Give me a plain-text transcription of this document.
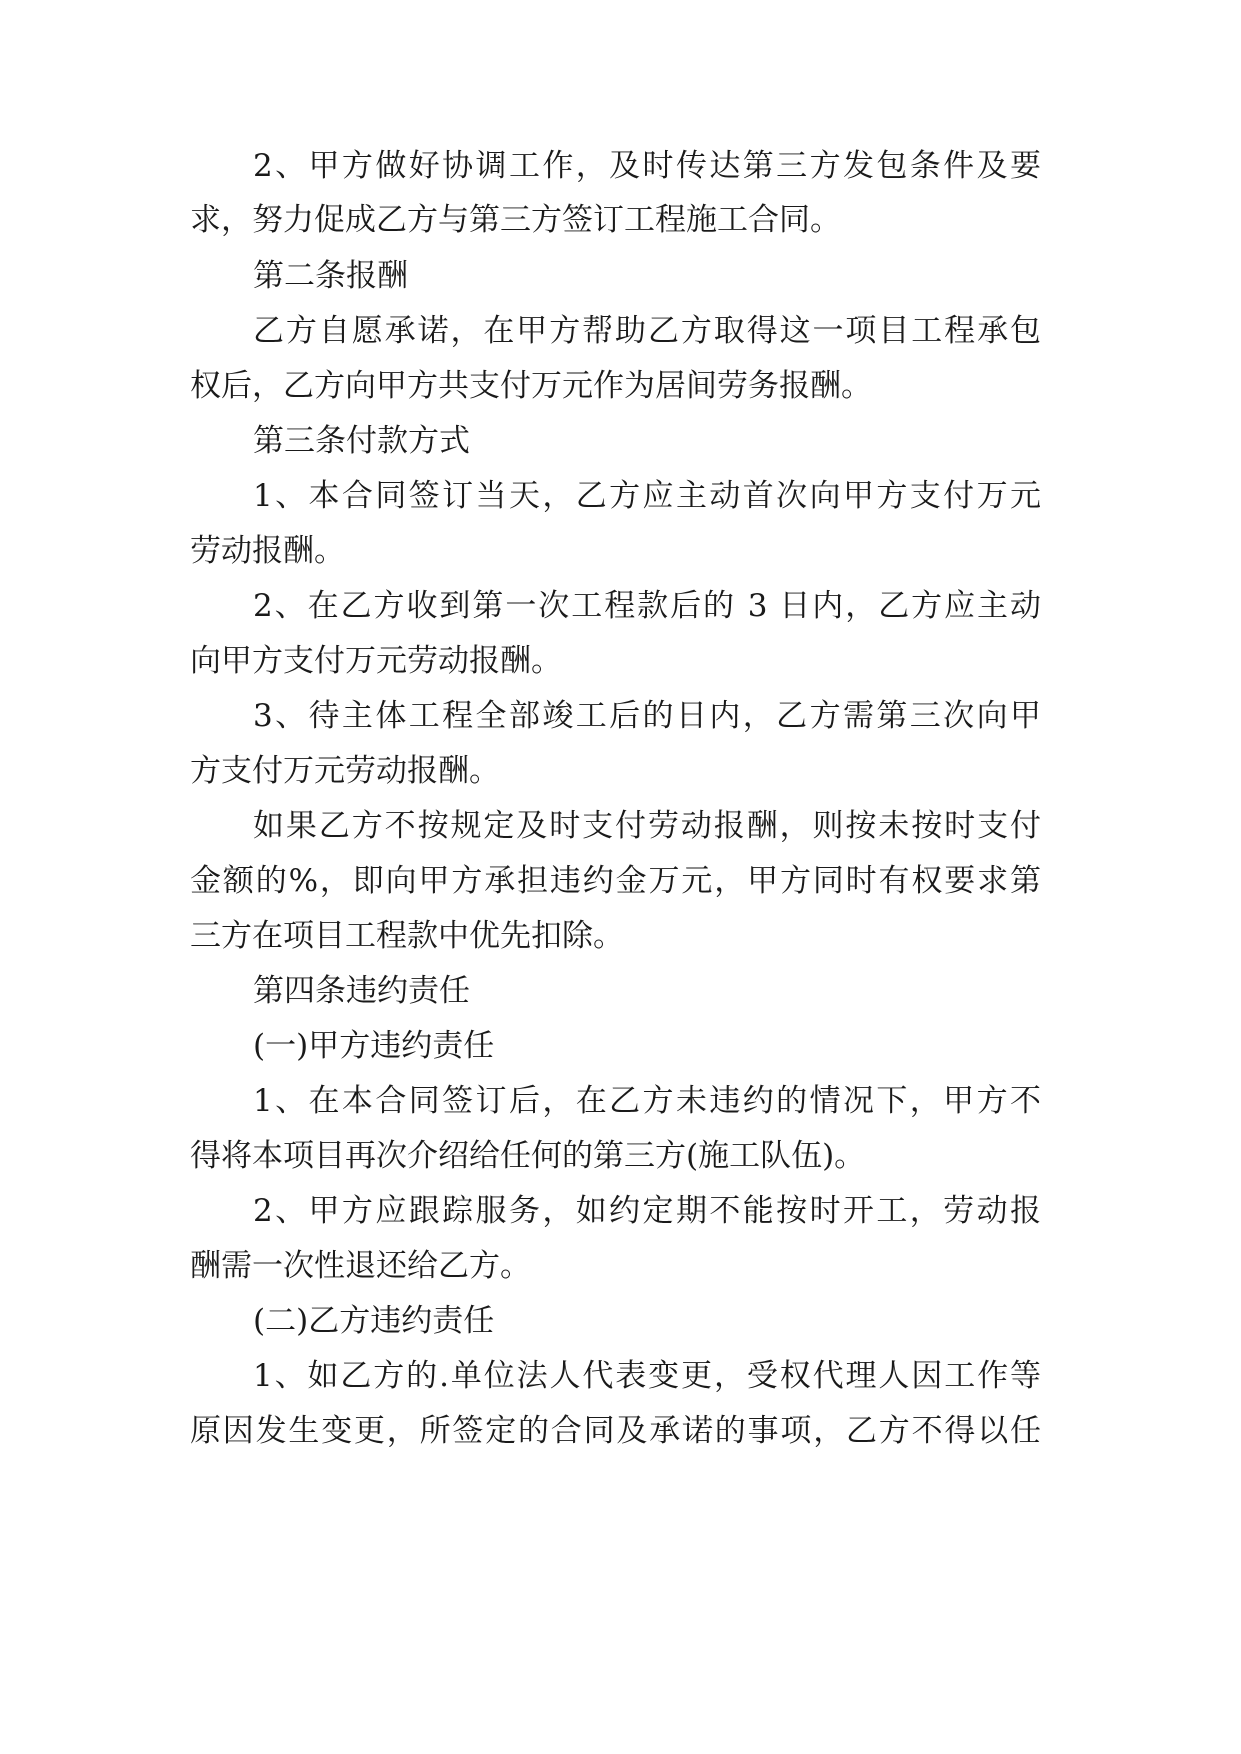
2、甲方做好协调工作，及时传达第三方发包条件及要
求，努力促成乙方与第三方签订工程施工合同。
第二条报酬
乙方自愿承诺，在甲方帮助乙方取得这一项目工程承包
权后，乙方向甲方共支付万元作为居间劳务报酬。
第三条付款方式
1、本合同签订当天，乙方应主动首次向甲方支付万元
劳动报酬。
2、在乙方收到第一次工程款后的 3 日内，乙方应主动
向甲方支付万元劳动报酬。
3、待主体工程全部竣工后的日内，乙方需第三次向甲
方支付万元劳动报酬。
如果乙方不按规定及时支付劳动报酬，则按未按时支付
金额的%，即向甲方承担违约金万元，甲方同时有权要求第
三方在项目工程款中优先扣除。
第四条违约责任
(一)甲方违约责任
1、在本合同签订后，在乙方未违约的情况下，甲方不
得将本项目再次介绍给任何的第三方(施工队伍)。
2、甲方应跟踪服务，如约定期不能按时开工，劳动报
酬需一次性退还给乙方。
(二)乙方违约责任
1、如乙方的.单位法人代表变更，受权代理人因工作等
原因发生变更，所签定的合同及承诺的事项，乙方不得以任
